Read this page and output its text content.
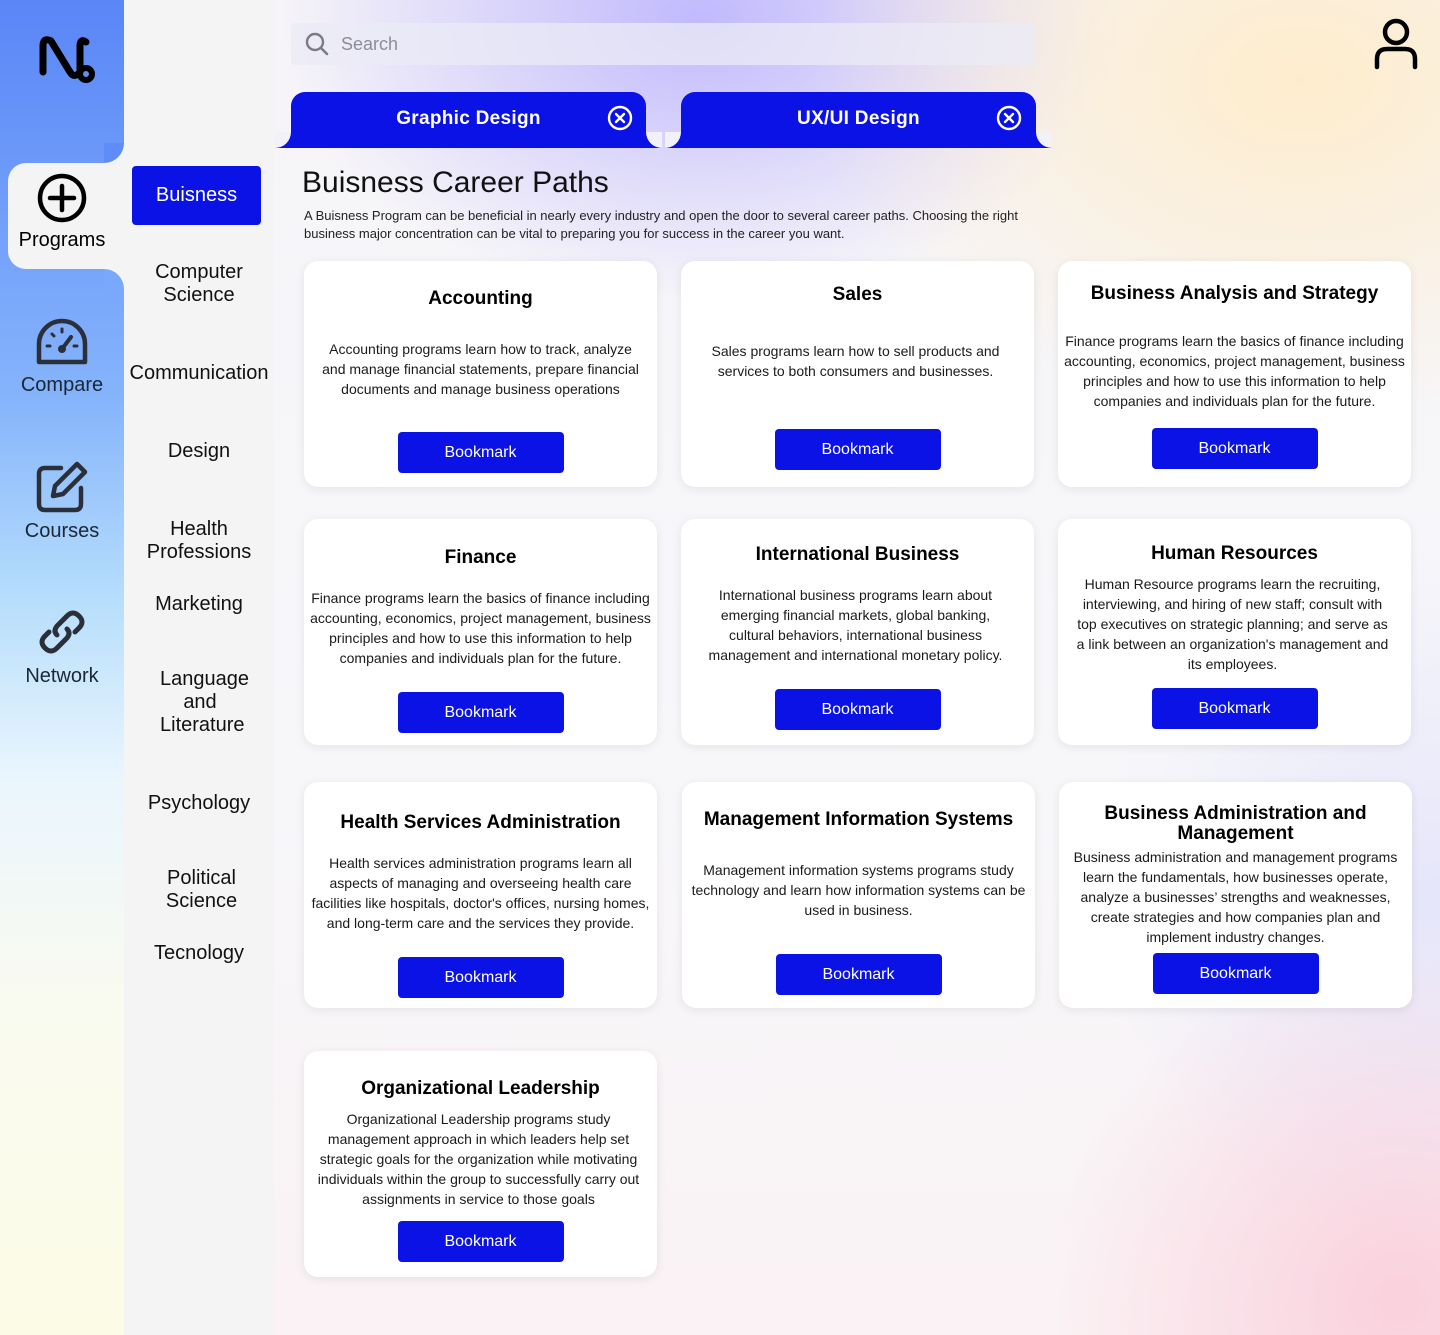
Programs
Compare
Courses
Network
Buisness
Computer Science
Communication
Design
Health Professions
Marketing
Language and Literature
Psychology
Political Science
Tecnology
Search
Graphic Design	UX/UI Design
Buisness Career Paths

A Buisness Program can be beneficial in nearly every industry and open the door to several career paths. Choosing the right business major concentration can be vital to preparing you for success in the career you want.

Accounting

Accounting programs learn how to track, analyze and manage financial statements, prepare financial documents and manage business operations

Bookmark
Sales

Sales programs learn how to sell products and services to both consumers and businesses.

Bookmark
Business Analysis and Strategy

Finance programs learn the basics of finance including accounting, economics, project management, business principles and how to use this information to help companies and individuals plan for the future.

Bookmark
Finance

Finance programs learn the basics of finance including accounting, economics, project management, business principles and how to use this information to help companies and individuals plan for the future.

Bookmark
International Business

International business programs learn about emerging financial markets, global banking, cultural behaviors, international business management and international monetary policy.

Bookmark
Human Resources

Human Resource programs learn the recruiting, interviewing, and hiring of new staff; consult with top executives on strategic planning; and serve as a link between an organization's management and its employees.

Bookmark
Health Services Administration

Health services administration programs learn all aspects of managing and overseeing health care facilities like hospitals, doctor's offices, nursing homes, and long-term care and the services they provide.

Bookmark
Management Information Systems

Management information systems programs study technology and learn how information systems can be used in business.

Bookmark
Business Administration and Management

Business administration and management programs learn the fundamentals, how businesses operate, analyze a businesses’ strengths and weaknesses, create strategies and how companies plan and implement industry changes.

Bookmark
Organizational Leadership

Organizational Leadership programs study management approach in which leaders help set strategic goals for the organization while motivating individuals within the group to successfully carry out assignments in service to those goals

Bookmark
